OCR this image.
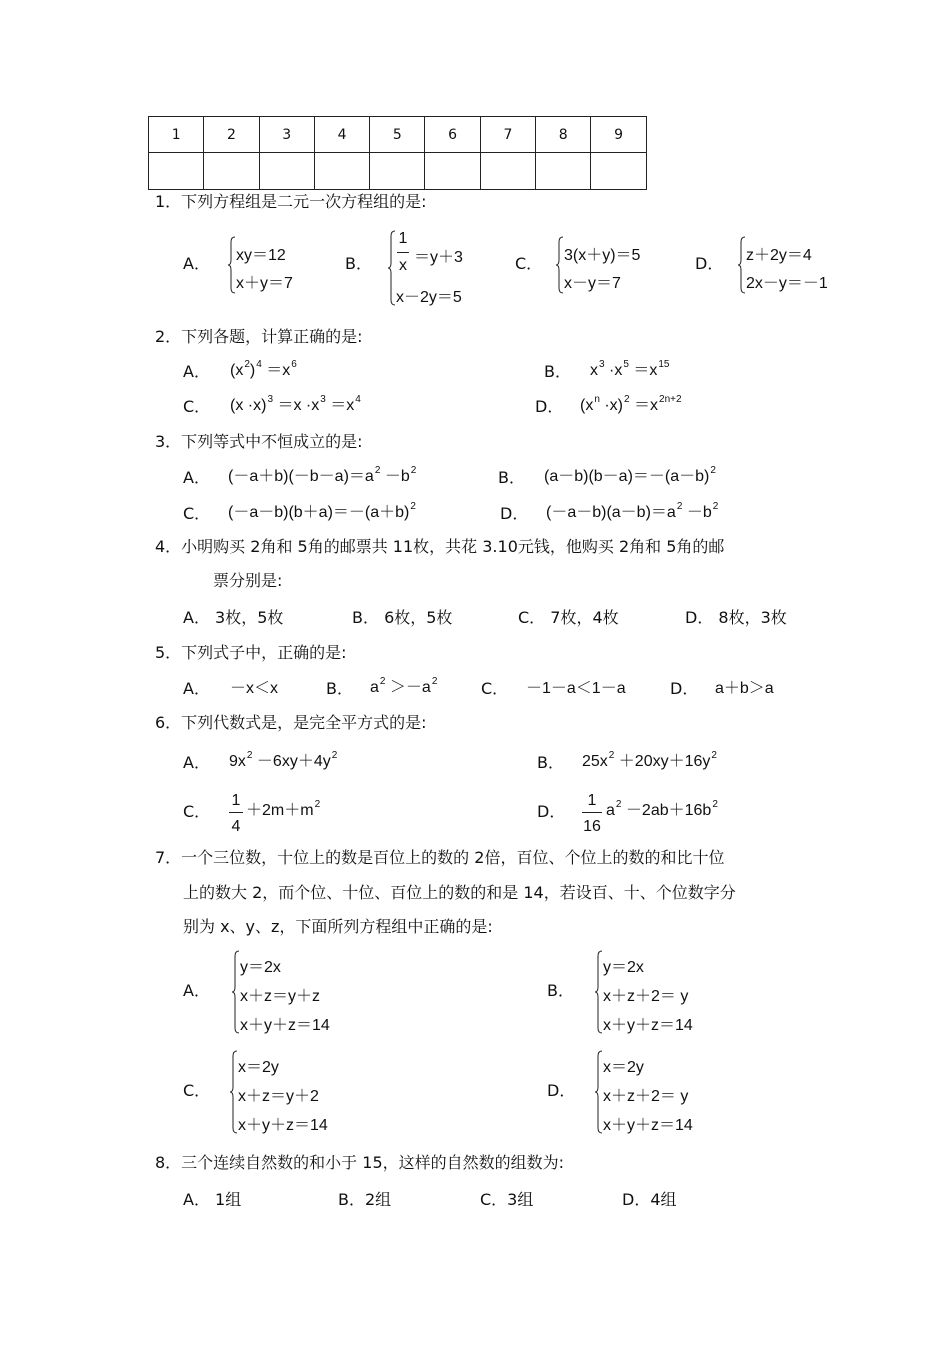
1	2	3	4	5	6	7	8	9

1．下列方程组是二元一次方程组的是:
A． xy＝12
x＋y＝7
B．
1
x ＝y＋3
x－2y＝5
C． 3(x＋y)＝5
x－y＝7
D． z＋2y＝4
2x－y＝－1
2．下列各题，计算正确的是:
A． $(x^2)^4 =x^6$	B． $x^3 \cdot x^5 =x^{15}$
C． $(x \cdot x)^3 =x \cdot x^3 =x^4$	D． $(x^n \cdot x)^2 =x^{2n+2}$
3．下列等式中不恒成立的是:
A． $(-a+b)(-b-a)=a^2 -b^2$	B． $(a-b)(b-a)=-(a-b)^2$
C． $(-a-b)(b+a)=-(a+b)^2$	D． $(-a-b)(a-b)=a^2 -b^2$
4．小明购买 2角和 5角的邮票共 11枚，共花 3.10元钱，他购买 2角和 5角的邮
票分别是:
A． 3枚，5枚	B． 6枚，5枚	C． 7枚，4枚	D． 8枚，3枚
5．下列式子中，正确的是:
A． －x＜x	B． $a^2 >-a^2$	C． －1－a＜1－a	D． a＋b＞a
6．下列代数式是，是完全平方式的是:
A． $9x^2 -6xy+4y^2$	B． $25x^2 +20xy+16y^2$
C．
1
4
$+2m+m^2$	D．
1
16
$a^2 -2ab+16b^2$
7．一个三位数，十位上的数是百位上的数的 2倍，百位、个位上的数的和比十位
上的数大 2，而个位、十位、百位上的数的和是 14，若设百、十、个位数字分
别为 x、y、z，下面所列方程组中正确的是:
A．
y＝2x
x＋z＝y＋z
x＋y＋z＝14
B．
y＝2x
x＋z＋2＝ y
x＋y＋z＝14
C．
x＝2y
x＋z＝y＋2
x＋y＋z＝14
D．
x＝2y
x＋z＋2＝ y
x＋y＋z＝14
8．三个连续自然数的和小于 15，这样的自然数的组数为:
A． 1组	B．2组	C．3组	D．4组
